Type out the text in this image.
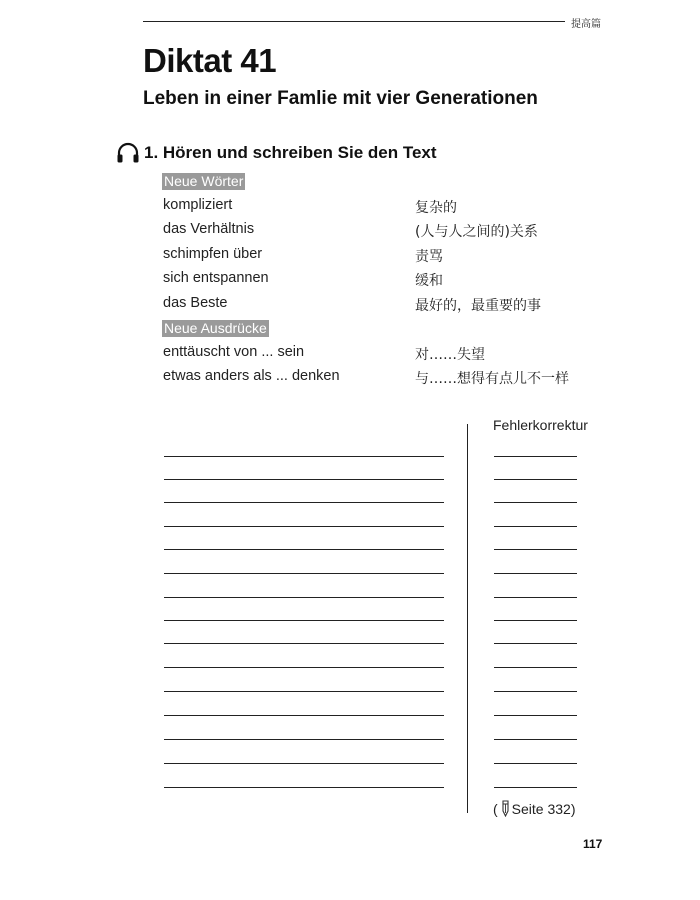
提高篇
Diktat 41
Leben in einer Famlie mit vier Generationen
1. Hören und schreiben Sie den Text
Neue Wörter
kompliziert	复杂的
das Verhältnis	(人与人之间的)关系
schimpfen über	责骂
sich entspannen	缓和
das Beste	最好的，最重要的事
Neue Ausdrücke
enttäuscht von ... sein	对……失望
etwas anders als ... denken	与……想得有点儿不一样
Fehlerkorrektur
( Seite 332)
117
